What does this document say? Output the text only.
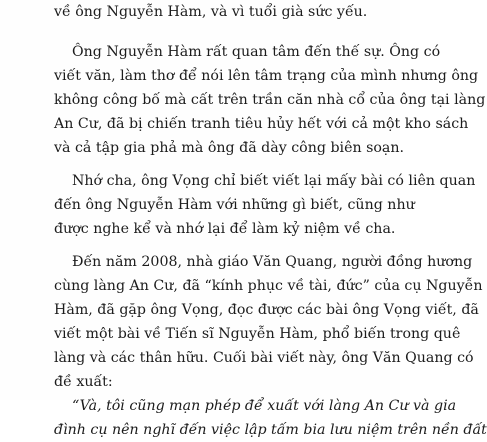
về ông Nguyễn Hàm, và vì tuổi già sức yếu.

Ông Nguyễn Hàm rất quan tâm đến thế sự. Ông có

viết văn, làm thơ để nói lên tâm trạng của mình nhưng ông

không công bố mà cất trên trần căn nhà cổ của ông tại làng

An Cư, đã bị chiến tranh tiêu hủy hết với cả một kho sách

và cả tập gia phả mà ông đã dày công biên soạn.

Nhớ cha, ông Vọng chỉ biết viết lại mấy bài có liên quan

đến ông Nguyễn Hàm với những gì biết, cũng như

được nghe kể và nhớ lại để làm kỷ niệm về cha.

Đến năm 2008, nhà giáo Văn Quang, người đồng hương

cùng làng An Cư, đã “kính phục về tài, đức” của cụ Nguyễn

Hàm, đã gặp ông Vọng, đọc được các bài ông Vọng viết, đã

viết một bài về Tiến sĩ Nguyễn Hàm, phổ biến trong quê

làng và các thân hữu. Cuối bài viết này, ông Văn Quang có

đề xuất:

“Và, tôi cũng mạn phép để xuất với làng An Cư và gia

đình cụ nên nghĩ đến việc lập tấm bia lưu niệm trên nền đất
